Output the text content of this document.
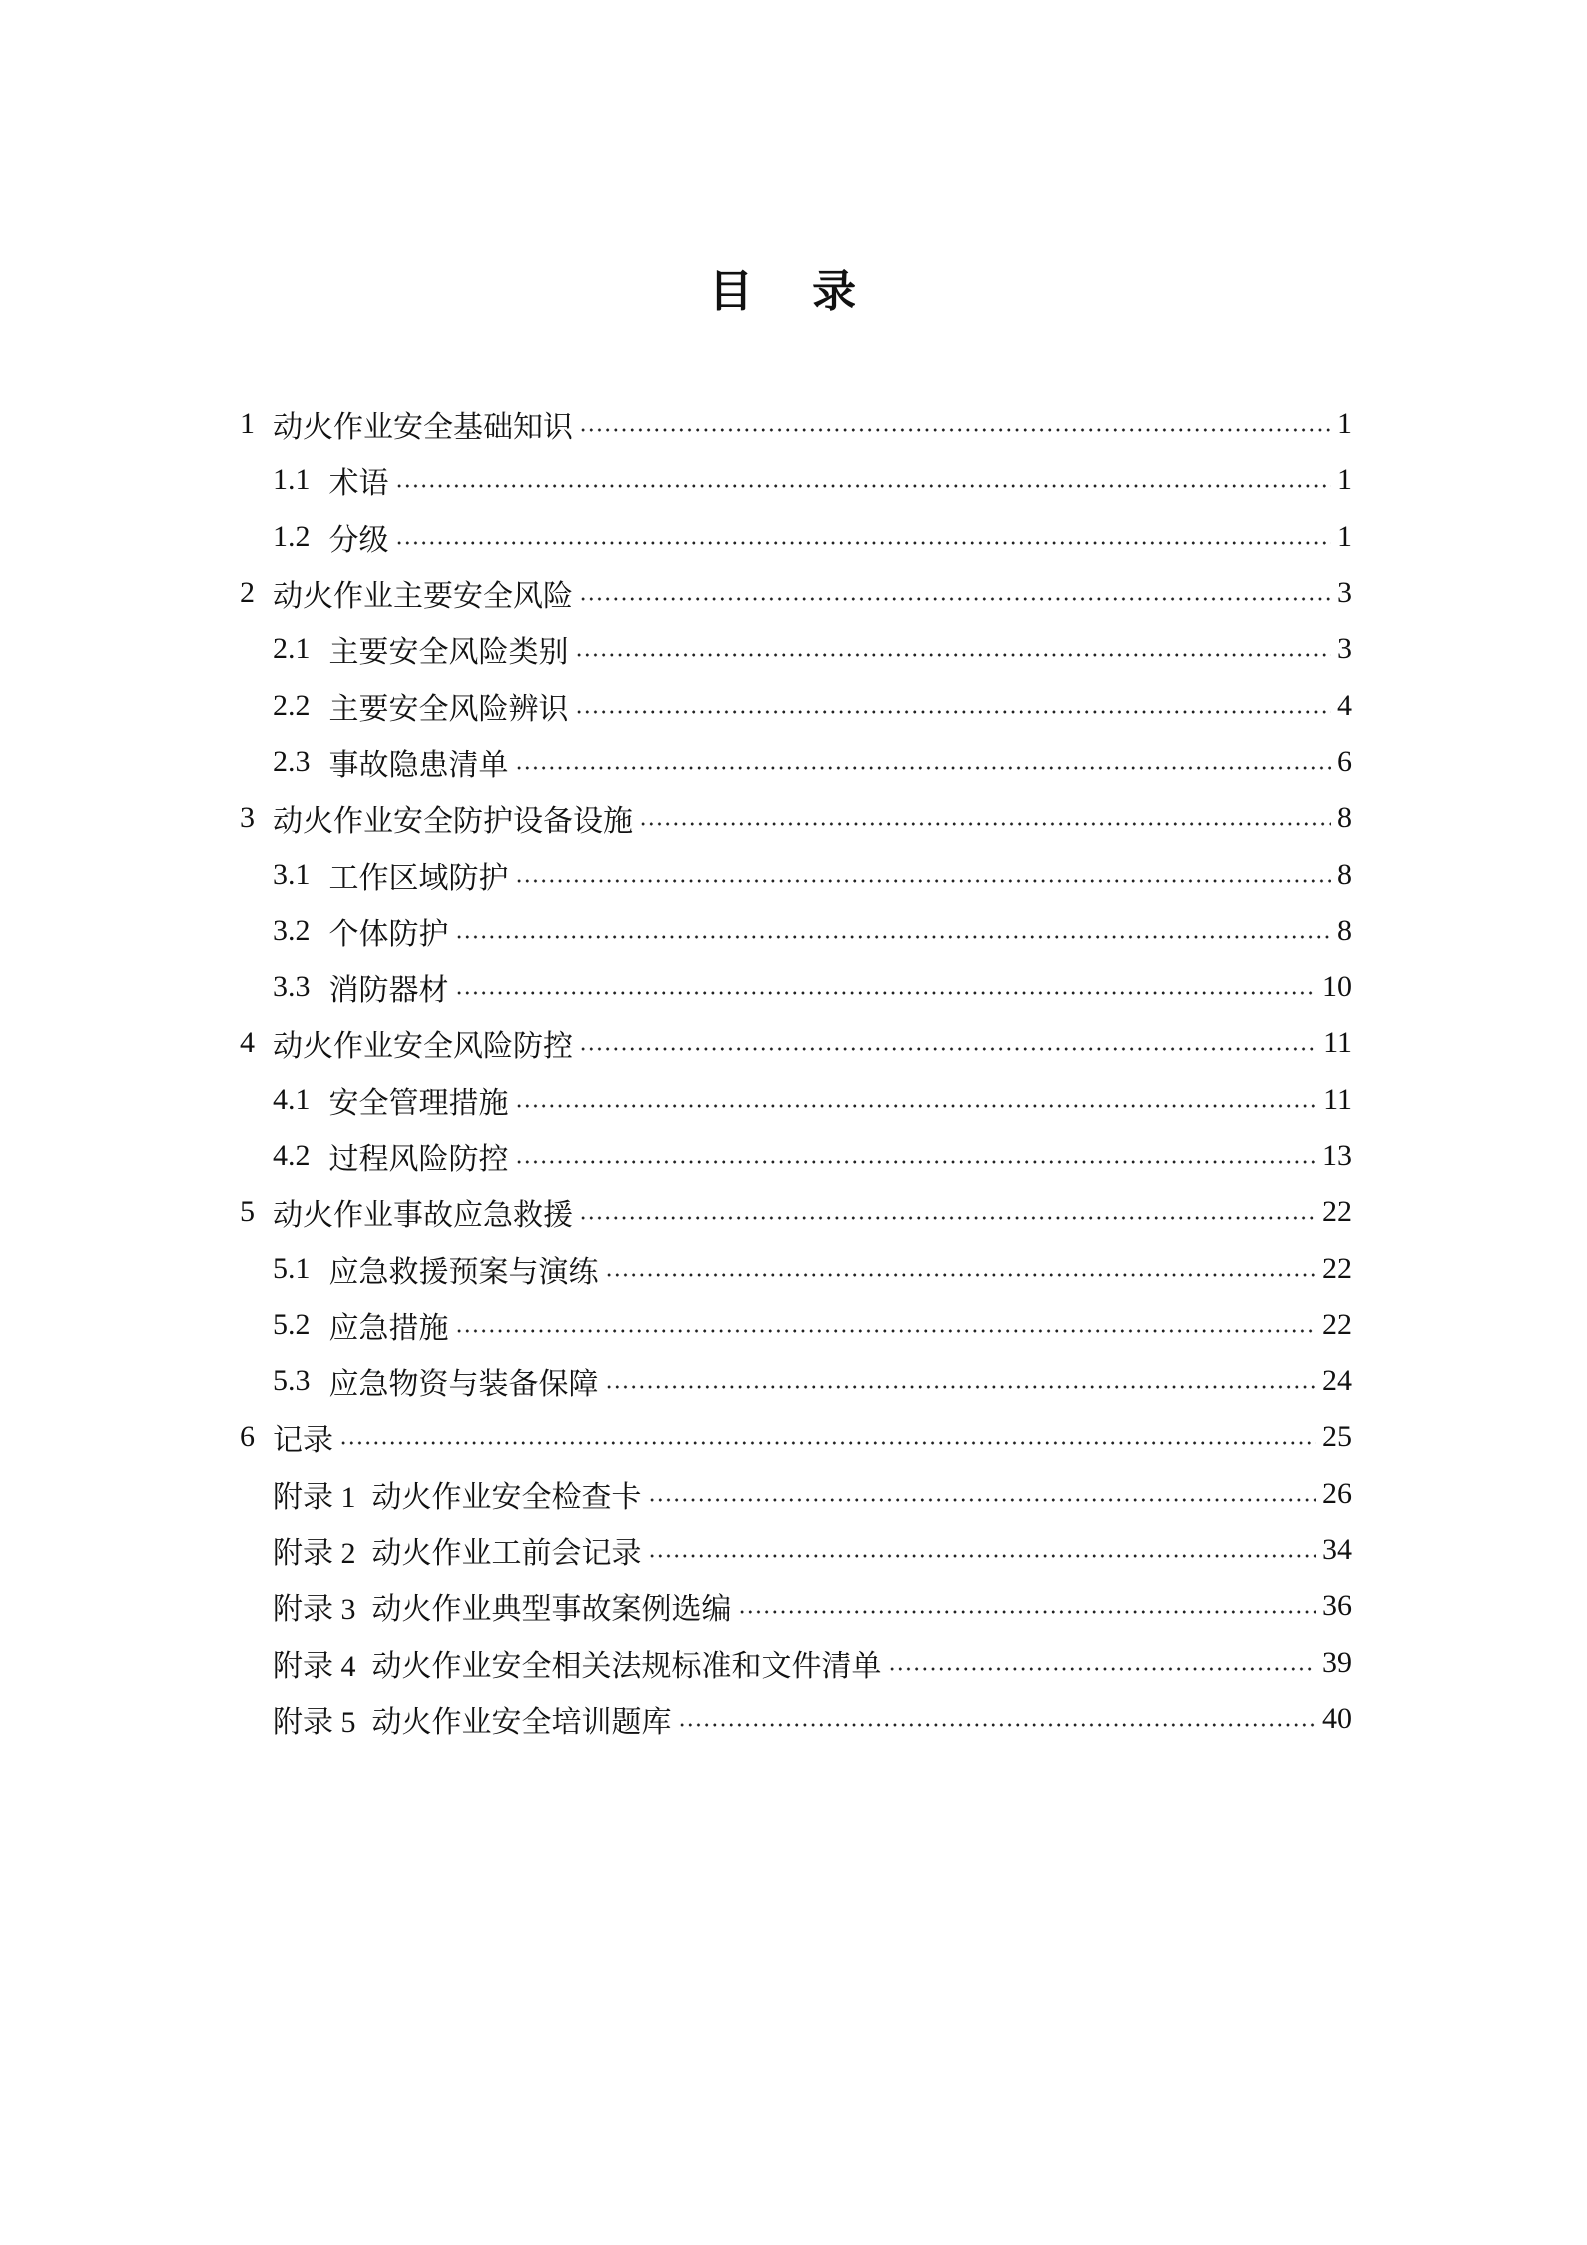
目 录
1 动火作业安全基础知识	1
1.1 术语	1
1.2 分级	1
2 动火作业主要安全风险	3
2.1 主要安全风险类别	3
2.2 主要安全风险辨识	4
2.3 事故隐患清单	6
3 动火作业安全防护设备设施	8
3.1 工作区域防护	8
3.2 个体防护	8
3.3 消防器材	10
4 动火作业安全风险防控	11
4.1 安全管理措施	11
4.2 过程风险防控	13
5 动火作业事故应急救援	22
5.1 应急救援预案与演练	22
5.2 应急措施	22
5.3 应急物资与装备保障	24
6 记录	25
附录 1 动火作业安全检查卡	26
附录 2 动火作业工前会记录	34
附录 3 动火作业典型事故案例选编	36
附录 4 动火作业安全相关法规标准和文件清单	39
附录 5 动火作业安全培训题库	40
